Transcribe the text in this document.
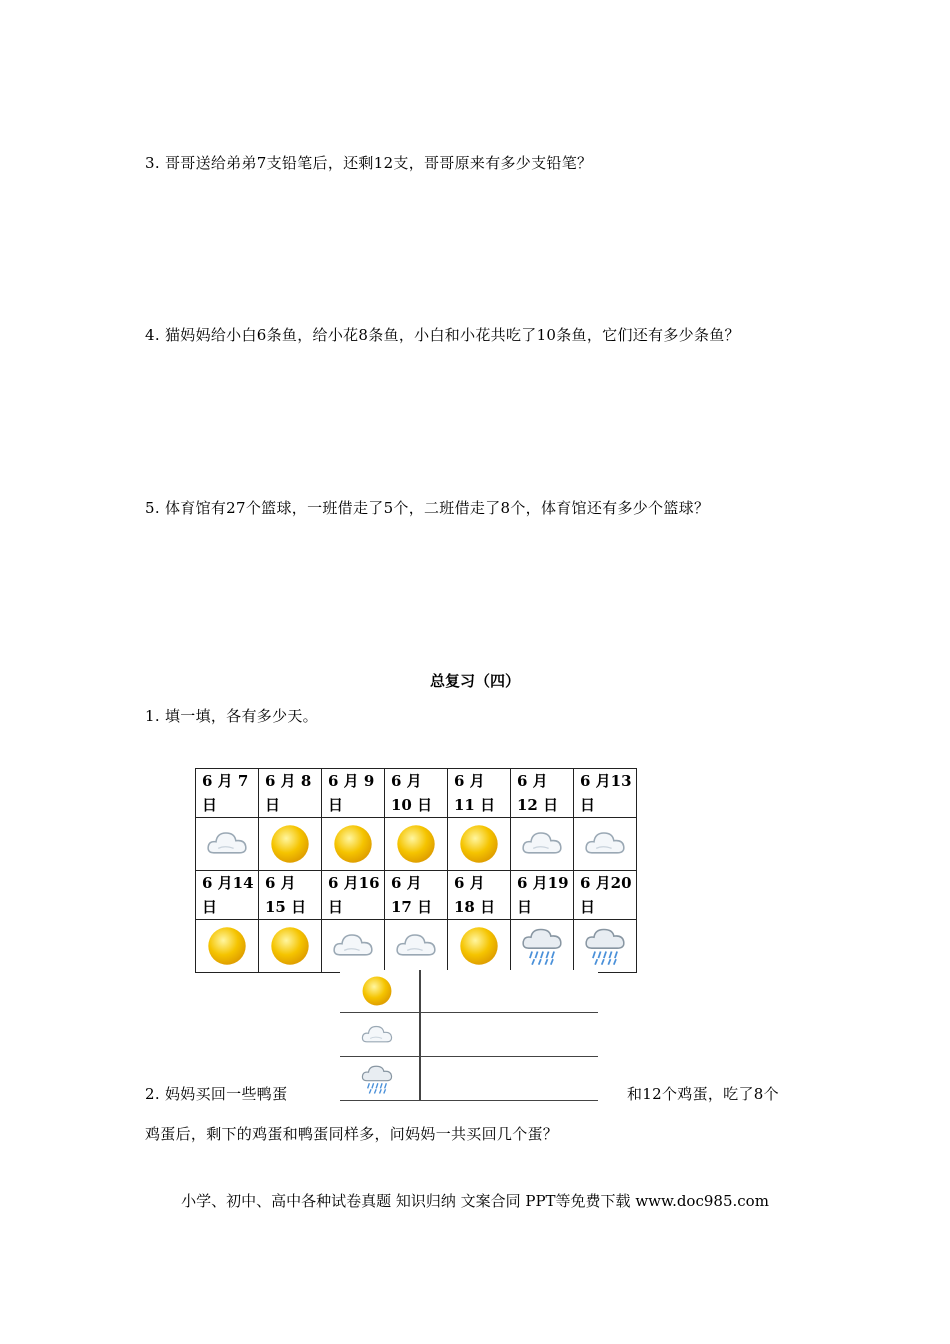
3. 哥哥送给弟弟7支铅笔后，还剩12支，哥哥原来有多少支铅笔？
4. 猫妈妈给小白6条鱼，给小花8条鱼，小白和小花共吃了10条鱼，它们还有多少条鱼？
5. 体育馆有27个篮球，一班借走了5个，二班借走了8个，体育馆还有多少个篮球？
总复习（四）
1. 填一填，各有多少天。
6 月 7 日	6 月 8 日	6 月 9 日	6 月 10 日	6 月 11 日	6 月 12 日	6 月13 日

6 月14 日	6 月 15 日	6 月16 日	6 月 17 日	6 月 18 日	6 月19 日	6 月20 日

2. 妈妈买回一些鸭蛋	和12个鸡蛋，吃了8个
鸡蛋后，剩下的鸡蛋和鸭蛋同样多，问妈妈一共买回几个蛋？
小学、初中、高中各种试卷真题 知识归纳 文案合同 PPT等免费下载 www.doc985.com
